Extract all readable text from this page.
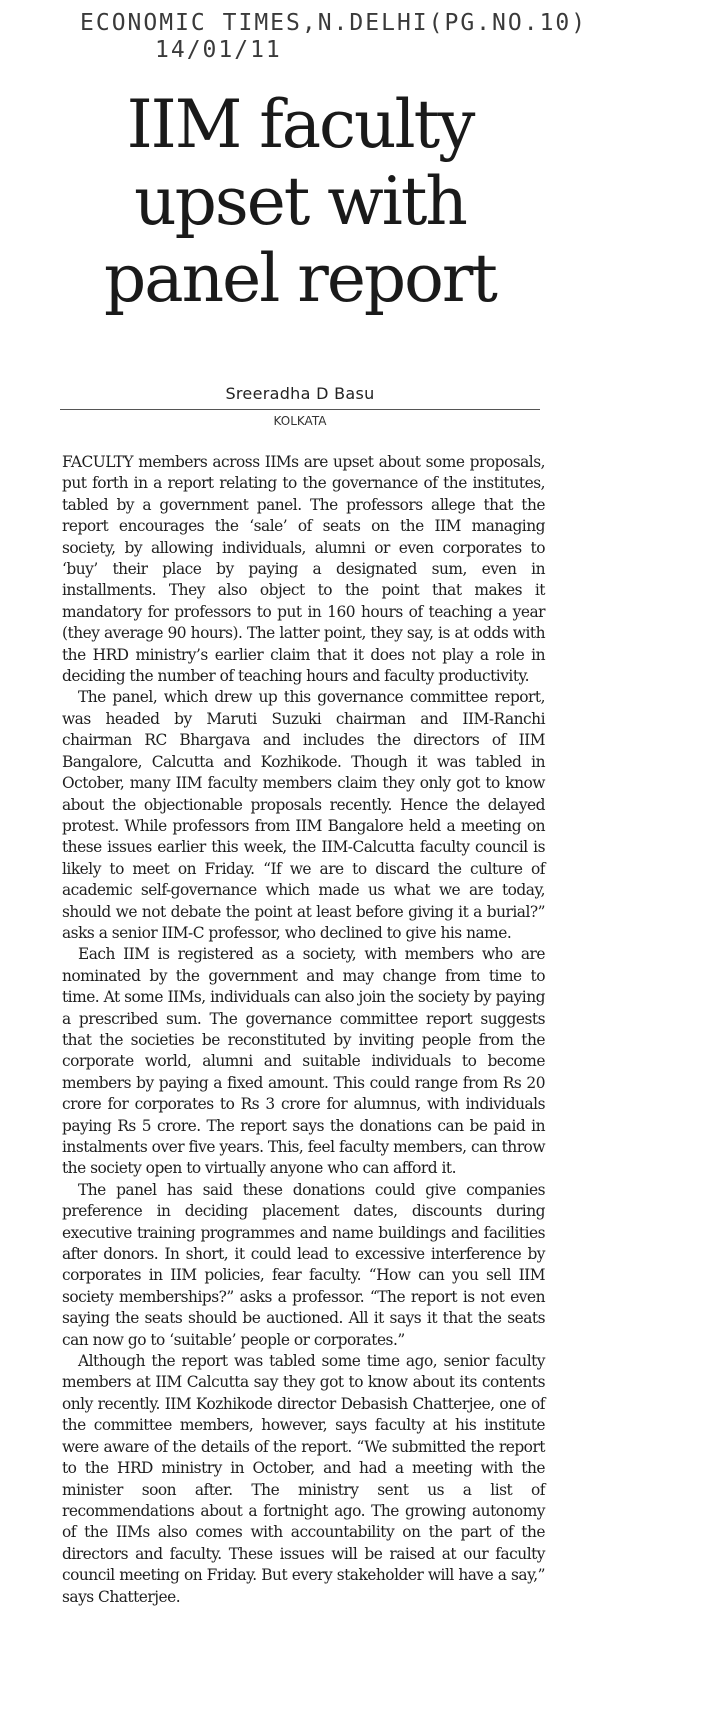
ECONOMIC TIMES,N.DELHI(PG.NO.10)
14/01/11
IIM faculty upset with panel report
Sreeradha D Basu
KOLKATA

FACULTY members across IIMs are upset about some proposals, put forth in a report relating to the governance of the institutes, tabled by a government panel. The professors allege that the report encourages the ‘sale’ of seats on the IIM managing society, by allowing individuals, alumni or even corporates to ‘buy’ their place by paying a designated sum, even in installments. They also object to the point that makes it mandatory for professors to put in 160 hours of teaching a year (they average 90 hours). The latter point, they say, is at odds with the HRD ministry’s earlier claim that it does not play a role in deciding the number of teaching hours and faculty productivity.

The panel, which drew up this governance committee report, was headed by Maruti Suzuki chairman and IIM-Ranchi chairman RC Bhargava and includes the directors of IIM Bangalore, Calcutta and Kozhikode. Though it was tabled in October, many IIM faculty members claim they only got to know about the objectionable proposals recently. Hence the delayed protest. While professors from IIM Bangalore held a meeting on these issues earlier this week, the IIM-Calcutta faculty council is likely to meet on Friday. “If we are to discard the culture of academic self-governance which made us what we are today, should we not debate the point at least before giving it a burial?” asks a senior IIM-C professor, who declined to give his name.

Each IIM is registered as a society, with members who are nominated by the government and may change from time to time. At some IIMs, individuals can also join the society by paying a prescribed sum. The governance committee report suggests that the societies be reconstituted by inviting people from the corporate world, alumni and suitable individuals to become members by paying a fixed amount. This could range from Rs 20 crore for corporates to Rs 3 crore for alumnus, with individuals paying Rs 5 crore. The report says the donations can be paid in instalments over five years. This, feel faculty members, can throw the society open to virtually anyone who can afford it.

The panel has said these donations could give companies preference in deciding placement dates, discounts during executive training programmes and name buildings and facilities after donors. In short, it could lead to excessive interference by corporates in IIM policies, fear faculty. “How can you sell IIM society memberships?” asks a professor. “The report is not even saying the seats should be auctioned. All it says it that the seats can now go to ‘suitable’ people or corporates.”

Although the report was tabled some time ago, senior faculty members at IIM Calcutta say they got to know about its contents only recently. IIM Kozhikode director Debasish Chatterjee, one of the committee members, however, says faculty at his institute were aware of the details of the report. “We submitted the report to the HRD ministry in October, and had a meeting with the minister soon after. The ministry sent us a list of recommendations about a fortnight ago. The growing autonomy of the IIMs also comes with accountability on the part of the directors and faculty. These issues will be raised at our faculty council meeting on Friday. But every stakeholder will have a say,” says Chatterjee.
